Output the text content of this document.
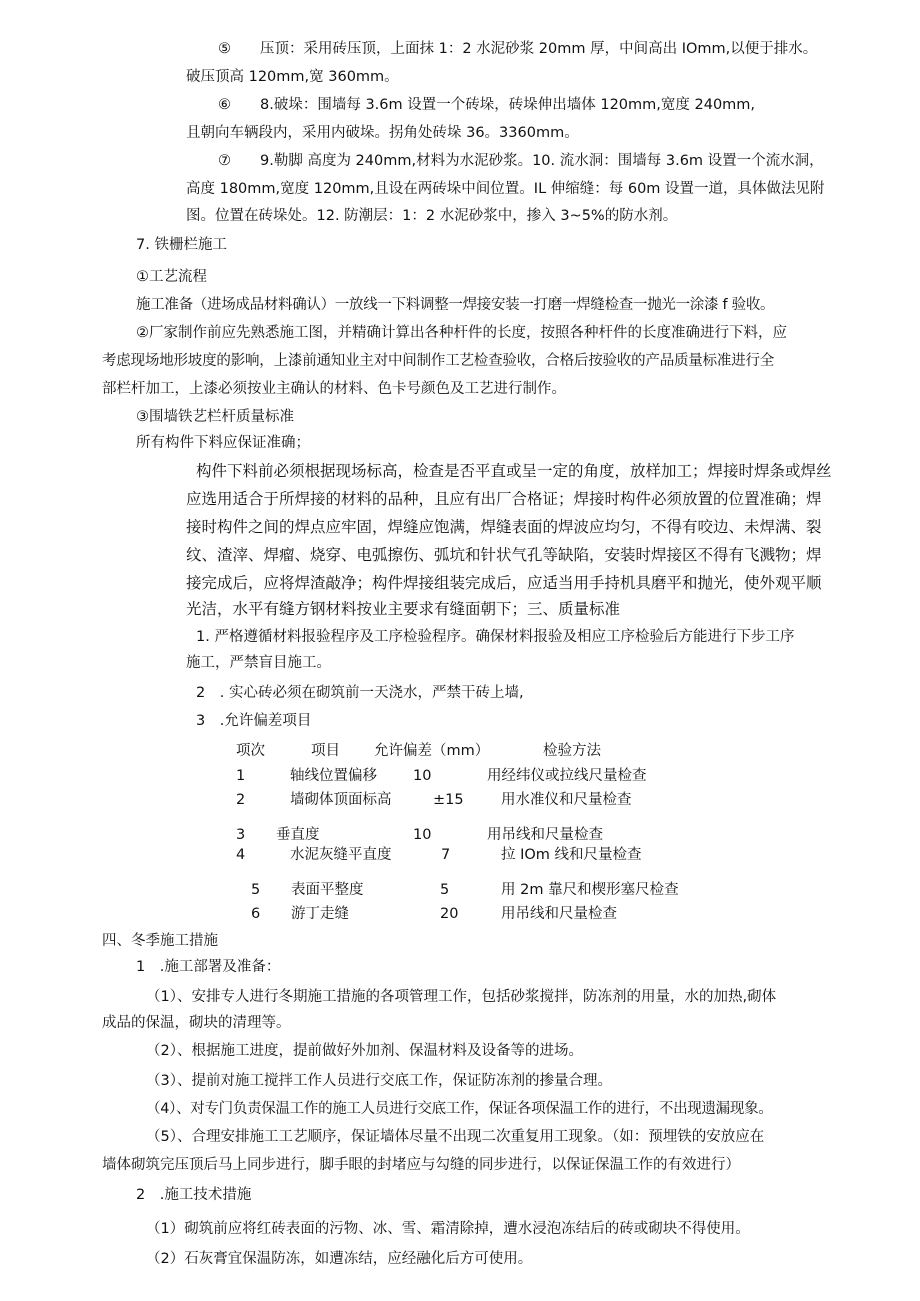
⑤　　压顶：采用砖压顶，上面抹 1：2 水泥砂浆 20mm 厚，中间高出 IOmm,以便于排水。
破压顶高 120mm,宽 360mm。
⑥　　8.破垛：围墙每 3.6m 设置一个砖垛，砖垛伸出墙体 120mm,宽度 240mm,
且朝向车辆段内，采用内破垛。拐角处砖垛 36。3360mm。
⑦　　9.勒脚 高度为 240mm,材料为水泥砂浆。10. 流水洞：围墙每 3.6m 设置一个流水洞，
高度 180mm,宽度 120mm,且设在两砖垛中间位置。IL 伸缩缝：每 60m 设置一道，具体做法见附
图。位置在砖垛处。12. 防潮层：1：2 水泥砂浆中，掺入 3~5%的防水剂。
7. 铁栅栏施工
①工艺流程
施工准备（进场成品材料确认）一放线一下料调整一焊接安装一打磨一焊缝检查一抛光一涂漆 f 验收。
②厂家制作前应先熟悉施工图，并精确计算出各种杆件的长度，按照各种杆件的长度准确进行下料，应
考虑现场地形坡度的影响，上漆前通知业主对中间制作工艺检查验收，合格后按验收的产品质量标准进行全
部栏杆加工，上漆必须按业主确认的材料、色卡号颜色及工艺进行制作。
③围墙铁艺栏杆质量标准
所有构件下料应保证准确；
构件下料前必须根据现场标高，检查是否平直或呈一定的角度，放样加工；焊接时焊条或焊丝
应选用适合于所焊接的材料的品种，且应有出厂合格证；焊接时构件必须放置的位置准确；焊
接时构件之间的焊点应牢固，焊缝应饱满，焊缝表面的焊波应均匀，不得有咬边、未焊满、裂
纹、渣滓、焊瘤、烧穿、电弧擦伤、弧坑和针状气孔等缺陷，安装时焊接区不得有飞溅物；焊
接完成后，应将焊渣敲净；构件焊接组装完成后，应适当用手持机具磨平和抛光，使外观平顺
光洁，水平有缝方钢材料按业主要求有缝面朝下；三、质量标准
1. 严格遵循材料报验程序及工序检验程序。确保材料报验及相应工序检验后方能进行下步工序
施工，严禁盲目施工。
2　. 实心砖必须在砌筑前一天浇水，严禁干砖上墙,
3　.允许偏差项目
项次	项目 允许偏差（mm）	检验方法
1	轴线位置偏移 10	用经纬仪或拉线尺量检查
2	墙砌体顶面标高	±15	用水准仪和尺量检查
3 垂直度	10	用吊线和尺量检查
4	水泥灰缝平直度	7	拉 IOm 线和尺量检查
5 表面平整度	5	用 2m 靠尺和楔形塞尺检查
6 游丁走缝	20	用吊线和尺量检查
四、冬季施工措施
1　.施工部署及准备：
（1）、安排专人进行冬期施工措施的各项管理工作，包括砂浆搅拌，防冻剂的用量，水的加热,砌体
成品的保温，砌块的清理等。
（2）、根据施工进度，提前做好外加剂、保温材料及设备等的进场。
（3）、提前对施工搅拌工作人员进行交底工作，保证防冻剂的掺量合理。
（4）、对专门负责保温工作的施工人员进行交底工作，保证各项保温工作的进行，不出现遗漏现象。
（5）、合理安排施工工艺顺序，保证墙体尽量不出现二次重复用工现象。（如：预埋铁的安放应在
墙体砌筑完压顶后马上同步进行，脚手眼的封堵应与勾缝的同步进行，以保证保温工作的有效进行）
2　.施工技术措施
（1）砌筑前应将红砖表面的污物、冰、雪、霜清除掉，遭水浸泡冻结后的砖或砌块不得使用。
（2）石灰膏宜保温防冻，如遭冻结，应经融化后方可使用。
